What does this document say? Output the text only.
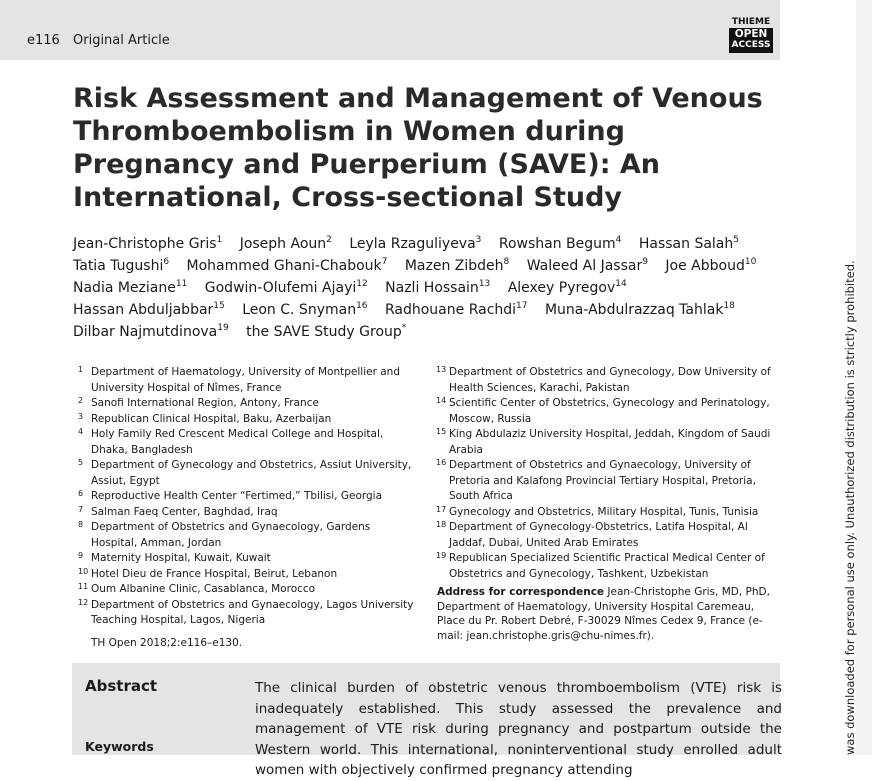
e116 Original Article
THIEME
OPEN
ACCESS
was downloaded for personal use only. Unauthorized distribution is strictly prohibited.
Risk Assessment and Management of Venous Thromboembolism in Women during Pregnancy and Puerperium (SAVE): An International, Cross-sectional Study
Jean-Christophe Gris$^1$ Joseph Aoun$^2$ Leyla Rzaguliyeva$^3$ Rowshan Begum$^4$ Hassan Salah$^5$ Tatia Tugushi$^6$ Mohammed Ghani-Chabouk$^7$ Mazen Zibdeh$^8$ Waleed Al Jassar$^9$ Joe Abboud$^{10}$ Nadia Meziane$^{11}$ Godwin-Olufemi Ajayi$^{12}$ Nazli Hossain$^{13}$ Alexey Pyregov$^{14}$ Hassan Abduljabbar$^{15}$ Leon C. Snyman$^{16}$ Radhouane Rachdi$^{17}$ Muna-Abdulrazzaq Tahlak$^{18}$ Dilbar Najmutdinova$^{19}$ the SAVE Study Group*
1 Department of Haematology, University of Montpellier and University Hospital of Nîmes, France
2 Sanofi International Region, Antony, France
3 Republican Clinical Hospital, Baku, Azerbaijan
4 Holy Family Red Crescent Medical College and Hospital, Dhaka, Bangladesh
5 Department of Gynecology and Obstetrics, Assiut University, Assiut, Egypt
6 Reproductive Health Center “Fertimed,” Tbilisi, Georgia
7 Salman Faeq Center, Baghdad, Iraq
8 Department of Obstetrics and Gynaecology, Gardens Hospital, Amman, Jordan
9 Maternity Hospital, Kuwait, Kuwait
10 Hotel Dieu de France Hospital, Beirut, Lebanon
11 Oum Albanine Clinic, Casablanca, Morocco
12 Department of Obstetrics and Gynaecology, Lagos University Teaching Hospital, Lagos, Nigeria
13 Department of Obstetrics and Gynecology, Dow University of Health Sciences, Karachi, Pakistan
14 Scientific Center of Obstetrics, Gynecology and Perinatology, Moscow, Russia
15 King Abdulaziz University Hospital, Jeddah, Kingdom of Saudi Arabia
16 Department of Obstetrics and Gynaecology, University of Pretoria and Kalafong Provincial Tertiary Hospital, Pretoria, South Africa
17 Gynecology and Obstetrics, Military Hospital, Tunis, Tunisia
18 Department of Gynecology-Obstetrics, Latifa Hospital, Al Jaddaf, Dubai, United Arab Emirates
19 Republican Specialized Scientific Practical Medical Center of Obstetrics and Gynecology, Tashkent, Uzbekistan
TH Open 2018;2:e116–e130.
Address for correspondence Jean-Christophe Gris, MD, PhD, Department of Haematology, University Hospital Caremeau, Place du Pr. Robert Debré, F-30029 Nîmes Cedex 9, France (e-mail: jean.christophe.gris@chu-nimes.fr).
Abstract
Keywords
The clinical burden of obstetric venous thromboembolism (VTE) risk is inadequately established. This study assessed the prevalence and management of VTE risk during pregnancy and postpartum outside the Western world. This international, noninterventional study enrolled adult women with objectively confirmed pregnancy attending
